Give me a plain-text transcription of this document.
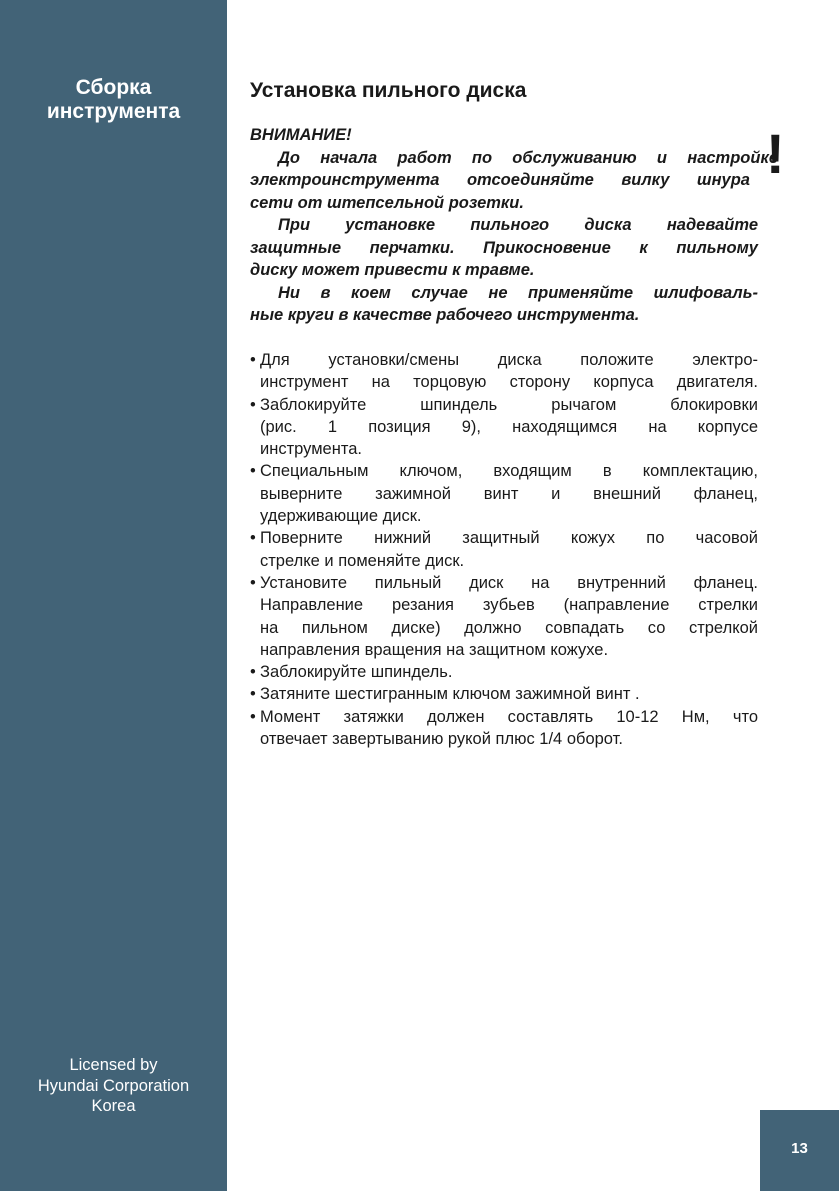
Сборка
инструмента
Licensed by
Hyundai Corporation
Korea
Установка пильного диска
!
ВНИМАНИЕ!
До начала работ по обслуживанию и настройке
электроинструмента отсоединяйте вилку шнура
сети от штепсельной розетки.
При установке пильного диска надевайте
защитные перчатки. Прикосновение к пильному
диску может привести к травме.
Ни в коем случае не применяйте шлифоваль-
ные круги в качестве рабочего инструмента.
• Для установки/смены диска положите электро-
инструмент на торцовую сторону корпуса двигателя.
• Заблокируйте шпиндель рычагом блокировки
(рис. 1 позиция 9), находящимся на корпусе
инструмента.
• Специальным ключом, входящим в комплектацию,
выверните зажимной винт и внешний фланец,
удерживающие диск.
• Поверните нижний защитный кожух по часовой
стрелке и поменяйте диск.
• Установите пильный диск на внутренний фланец.
Направление резания зубьев (направление стрелки
на пильном диске) должно совпадать со стрелкой
направления вращения на защитном кожухе.
• Заблокируйте шпиндель.
• Затяните шестигранным ключом зажимной винт .
• Момент затяжки должен составлять 10-12 Нм, что
отвечает завертыванию рукой плюс 1/4 оборот.
13
